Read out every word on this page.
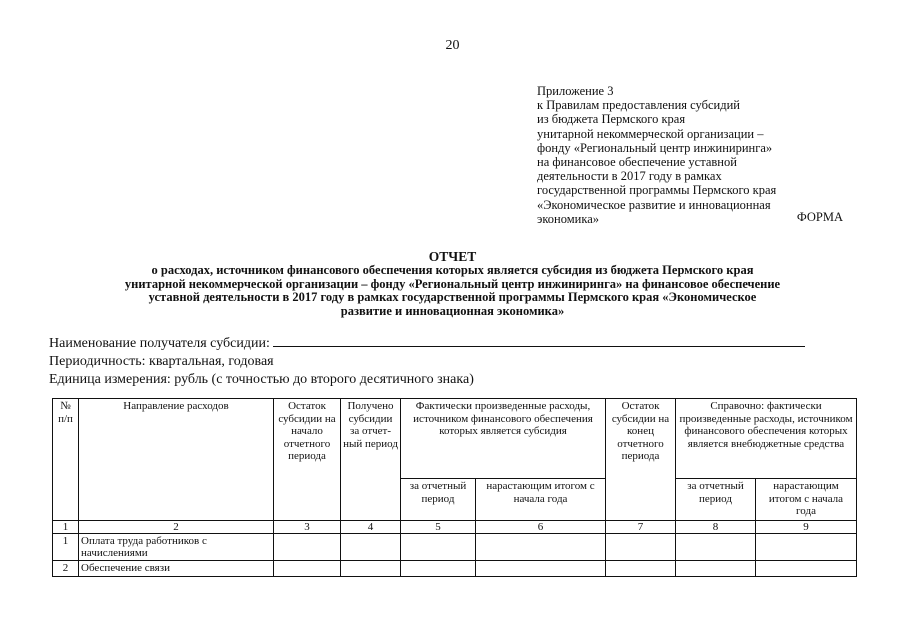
20
Приложение 3
к Правилам предоставления субсидий
из бюджета Пермского края
унитарной некоммерческой организации –
фонду «Региональный центр инжиниринга»
на финансовое обеспечение уставной
деятельности в 2017 году в рамках
государственной программы Пермского края
«Экономическое развитие и инновационная
экономика»	ФОРМА
ОТЧЕТ
о расходах, источником финансового обеспечения которых является субсидия из бюджета Пермского края
унитарной некоммерческой организации – фонду «Региональный центр инжиниринга» на финансовое обеспечение
уставной деятельности в 2017 году в рамках государственной программы Пермского края «Экономическое
развитие и инновационная экономика»
Наименование получателя субсидии:
Периодичность: квартальная, годовая
Единица измерения: рубль (с точностью до второго десятичного знака)
№ п/п	Направление расходов	Остаток субсидии на начало отчетного периода	Получено субсидии за отчет-ный период	Фактически произведенные расходы, источником финансового обеспечения которых является субсидия		Остаток субсидии на конец отчетного периода	Справочно: фактически произведенные расходы, источником финансового обеспечения которых является внебюджетные средства	
				за отчетный период	нарастающим итогом с начала года		за отчетный период	нарастающим итогом с начала года
1	2	3	4	5	6	7	8	9
1	Оплата труда работников с начислениями							
2	Обеспечение связи							
